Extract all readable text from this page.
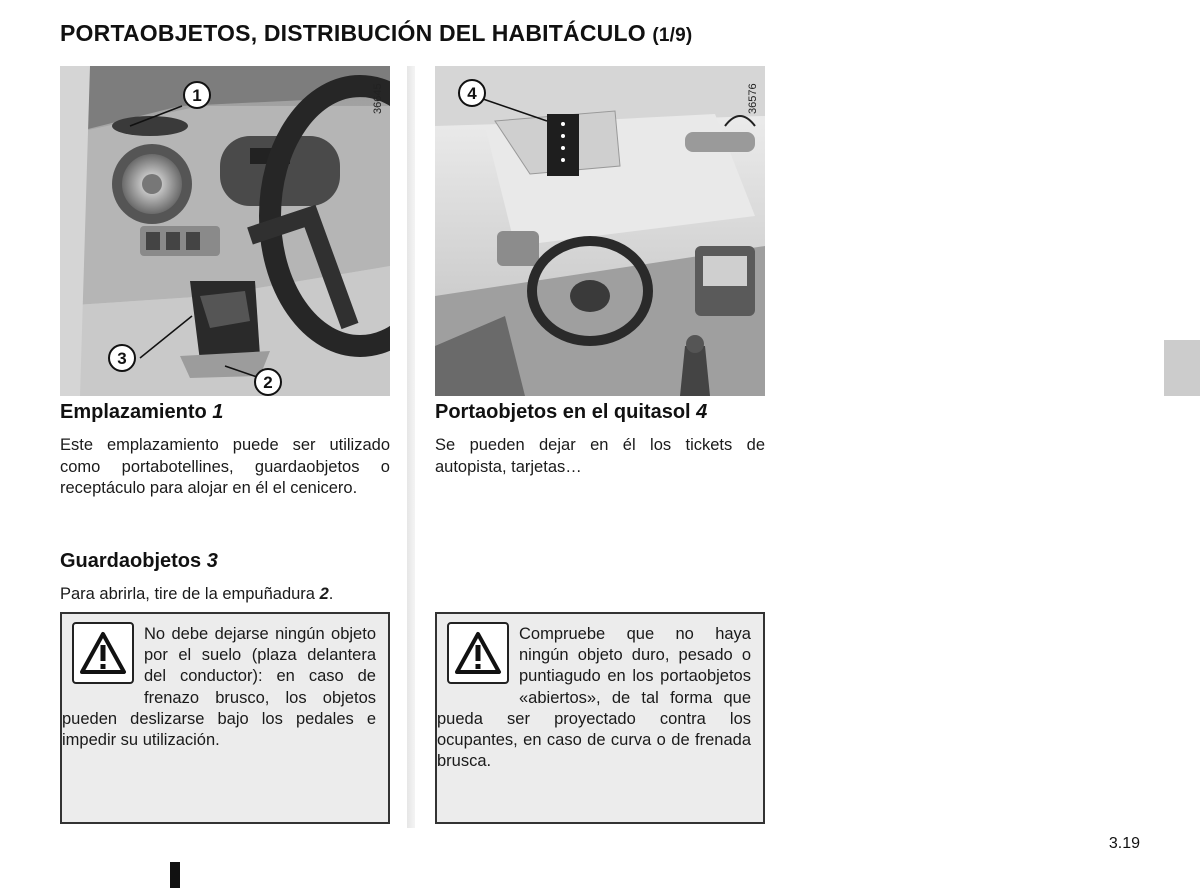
PORTAOBJETOS, DISTRIBUCIÓN DEL HABITÁCULO (1/9)
1
3
2
36645	4	36576
Emplazamiento 1
Este emplazamiento puede ser utilizado como portabotellines, guardaobjetos o receptáculo para alojar en él el cenicero.
Guardaobjetos 3
Para abrirla, tire de la empuñadura 2.
No debe dejarse ningún objeto por el suelo (plaza delantera del conductor): en caso de frenazo brusco, los objetos pueden deslizarse bajo los pedales e impedir su utilización.
Portaobjetos en el quitasol 4
Se pueden dejar en él los tickets de autopista, tarjetas…
Compruebe que no haya ningún objeto duro, pesado o puntiagudo en los portaobjetos «abiertos», de tal forma que pueda ser proyectado contra los ocupantes, en caso de curva o de frenada brusca.
3.19
